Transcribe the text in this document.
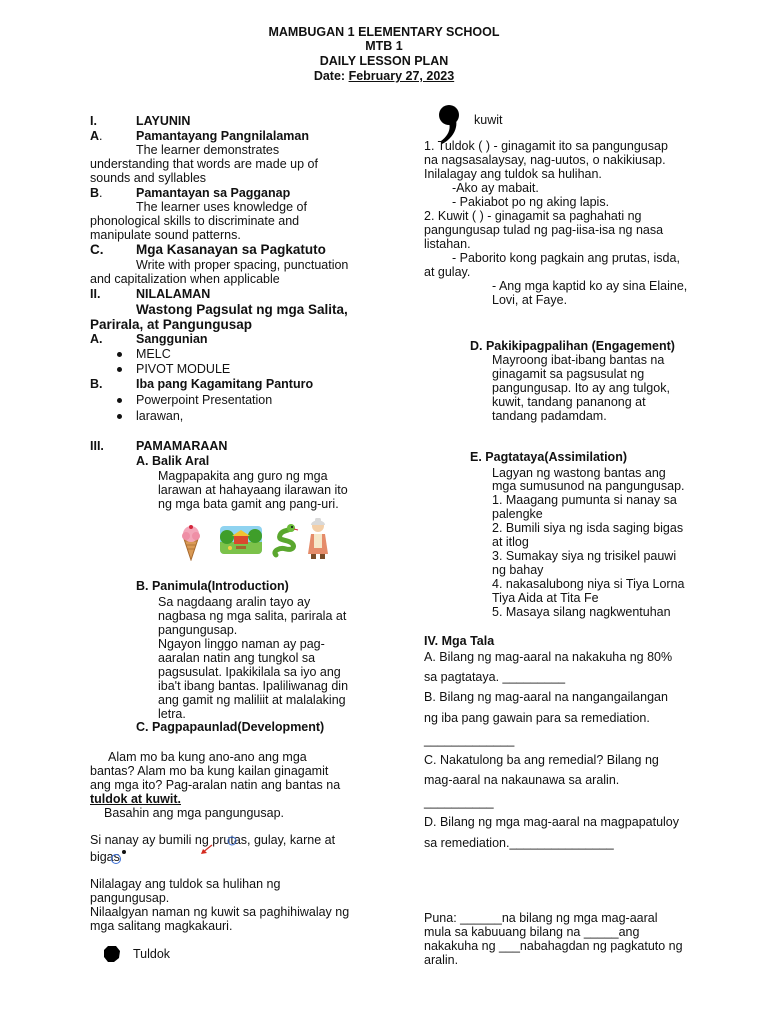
MAMBUGAN 1 ELEMENTARY SCHOOL
MTB 1
DAILY LESSON PLAN
Date: February 27, 2023
I.	LAYUNIN
A.	Pamantayang Pangnilalaman
The learner demonstrates
understanding that words are made up of
sounds and syllables
B.	Pamantayan sa Pagganap
The learner uses knowledge of
phonological skills to discriminate and
manipulate sound patterns.
C. Mga Kasanayan sa Pagkatuto
Write with proper spacing, punctuation
and capitalization when applicable
II.	NILALAMAN
Wastong Pagsulat ng mga Salita,
Parirala, at Pangungusap
A.	Sanggunian
MELC
PIVOT MODULE
B.	Iba pang Kagamitang Panturo
Powerpoint Presentation
larawan,
III.	PAMAMARAAN
A. Balik Aral
Magpapakita ang guro ng mga
larawan at hahayaang ilarawan ito
ng mga bata gamit ang pang-uri.
B. Panimula(Introduction)
Sa nagdaang aralin tayo ay
nagbasa ng mga salita, parirala at
pangungusap.
Ngayon linggo naman ay pag-
aaralan natin ang tungkol sa
pagsusulat. Ipakikilala sa iyo ang
iba't ibang bantas. Ipaliliwanag din
ang gamit ng maliliit at malalaking
letra.
C. Pagpapaunlad(Development)
Alam mo ba kung ano-ano ang mga
bantas? Alam mo ba kung kailan ginagamit
ang mga ito? Pag-aralan natin ang bantas na
tuldok at kuwit.
Basahin ang mga pangungusap.
Si nanay ay bumili ng prutas, gulay, karne at
bigas
Nilalagay ang tuldok sa hulihan ng
pangungusap.
Nilaalgyan naman ng kuwit sa paghihiwalay ng
mga salitang magkakauri.
Tuldok
kuwit
1. Tuldok ( ) - ginagamit ito sa pangungusap
na nagsasalaysay, nag-uutos, o nakikiusap.
Inilalagay ang tuldok sa hulihan.
-Ako ay mabait.
- Pakiabot po ng aking lapis.
2. Kuwit ( ) - ginagamit sa paghahati ng
pangungusap tulad ng pag-iisa-isa ng nasa
listahan.
- Paborito kong pagkain ang prutas, isda,
at gulay.
- Ang mga kaptid ko ay sina Elaine,
Lovi, at Faye.
D. Pakikipagpalihan (Engagement)
Mayroong ibat-ibang bantas na
ginagamit sa pagsusulat ng
pangungusap. Ito ay ang tulgok,
kuwit, tandang pananong at
tandang padamdam.
E. Pagtataya(Assimilation)
Lagyan ng wastong bantas ang
mga sumusunod na pangungusap.
1. Maagang pumunta si nanay sa
palengke
2. Bumili siya ng isda saging bigas
at itlog
3. Sumakay siya ng trisikel pauwi
ng bahay
4. nakasalubong niya si Tiya Lorna
Tiya Aida at Tita Fe
5. Masaya silang nagkwentuhan
IV. Mga Tala
A. Bilang ng mag-aaral na nakakuha ng 80%
sa pagtataya. _________
B. Bilang ng mag-aaral na nangangailangan
ng iba pang gawain para sa remediation.
_____________
C. Nakatulong ba ang remedial? Bilang ng
mag-aaral na nakaunawa sa aralin.
__________
D. Bilang ng mga mag-aaral na magpapatuloy
sa remediation._______________
Puna: ______na bilang ng mga mag-aaral
mula sa kabuuang bilang na _____ang
nakakuha ng ___nabahagdan ng pagkatuto ng
aralin.
